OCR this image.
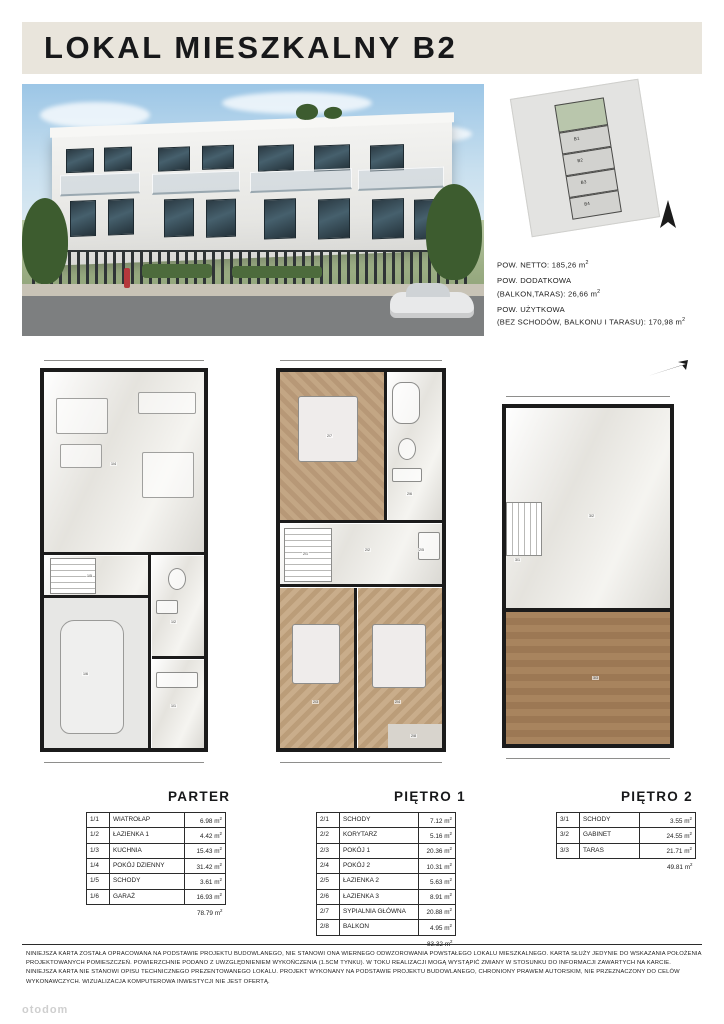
LOKAL MIESZKALNY B2
B1
B2
B3
B4
POW. NETTO: 185,26 $m^2$
POW. DODATKOWA
(BALKON,TARAS): 26,66 $m^2$
POW. UŻYTKOWA
(BEZ SCHODÓW, BALKONU I TARASU): 170,98 $m^2$
1/4
1/5
1/6
1/2
1/1
2/7
2/6
2/2
2/1
2/3	2/4
2/5
2/8
3/2
3/3
3/1
PARTER	PIĘTRO 1	PIĘTRO 2
1/1	WIATROŁAP	6.98 $m^2$
1/2	ŁAZIENKA 1	4.42 $m^2$
1/3	KUCHNIA	15.43 $m^2$
1/4	POKÓJ DZIENNY	31.42 $m^2$
1/5	SCHODY	3.61 $m^2$
1/6	GARAŻ	16.93 $m^2$
78.79 $m^2$
2/1	SCHODY	7.12 $m^2$
2/2	KORYTARZ	5.16 $m^2$
2/3	POKÓJ 1	20.36 $m^2$
2/4	POKÓJ 2	10.31 $m^2$
2/5	ŁAZIENKA 2	5.63 $m^2$
2/6	ŁAZIENKA 3	8.91 $m^2$
2/7	SYPIALNIA GŁÓWNA	20.88 $m^2$
2/8	BALKON	4.95 $m^2$
$^2$
3/1	SCHODY	3.55 $m^2$
3/2	GABINET	24.55 $m^2$
3/3	TARAS	21.71 $m^2$
49.81 $m^2$
NINIEJSZA KARTA ZOSTAŁA OPRACOWANA NA PODSTAWIE PROJEKTU BUDOWLANEGO, NIE STANOWI ONA WIERNEGO ODWZOROWANIA POWSTAŁEGO LOKALU MIESZKALNEGO. KARTA SŁUŻY JEDYNIE DO WSKAZANIA POŁOŻENIA PROJEKTOWANYCH POMIESZCZEŃ. POWIERZCHNIE PODANO Z UWZGLĘDNIENIEM WYKOŃCZENIA (1.5CM TYNKU). W TOKU REALIZACJI MOGĄ WYSTĄPIĆ ZMIANY W STOSUNKU DO INFORMACJI ZAWARTYCH NA KARCIE. NINIEJSZA KARTA NIE STANOWI OPISU TECHNICZNEGO PREZENTOWANEGO LOKALU. PROJEKT WYKONANY NA PODSTAWIE PROJEKTU BUDOWLANEGO, CHRONIONY PRAWEM AUTORSKIM, NIE PRZEZNACZONY DO CELÓW WYKONAWCZYCH. WIZUALIZACJA KOMPUTEROWA INWESTYCJI NIE JEST OFERTĄ.
otodom
